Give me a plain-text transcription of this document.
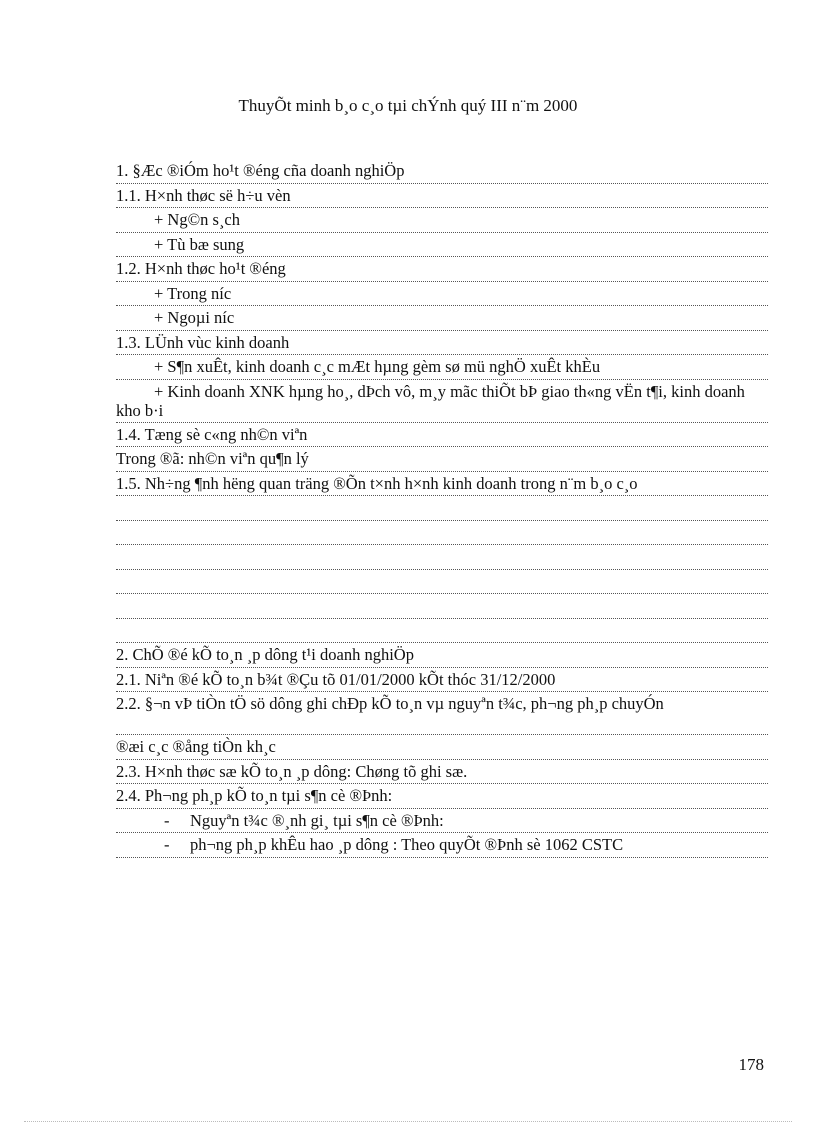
ThuyÕt minh b¸o c¸o tµi chÝnh quý III n¨m 2000
1. §Æc ®iÓm ho¹t ®éng cña doanh nghiÖp
1.1. H×nh thøc së h÷u vèn
+ Ng©n s¸ch
+ Tù bæ sung
1.2. H×nh thøc ho¹t ®éng
+ Trong níc
+ Ngoµi níc
1.3. LÜnh vùc kinh doanh
+ S¶n xuÊt, kinh doanh c¸c mÆt hµng gèm sø mü nghÖ xuÊt khÈu
+ Kinh doanh XNK hµng ho¸, dÞch vô, m¸y mãc thiÕt bÞ giao th«ng vËn t¶i, kinh doanh kho b·i
1.4. Tæng sè c«ng nh©n viªn
Trong ®ã: nh©n viªn qu¶n lý
1.5. Nh÷ng ¶nh hëng quan träng ®Õn t×nh h×nh kinh doanh trong n¨m b¸o c¸o
2. ChÕ ®é kÕ to¸n ¸p dông t¹i doanh nghiÖp
2.1. Niªn ®é kÕ to¸n b¾t ®Çu tõ 01/01/2000 kÕt thóc 31/12/2000
2.2. §¬n vÞ tiÒn tÖ sö dông ghi chÐp kÕ to¸n vµ nguyªn t¾c, ph¬ng ph¸p chuyÓn
®æi c¸c ®ång tiÒn kh¸c
2.3. H×nh thøc sæ kÕ to¸n ¸p dông: Chøng tõ ghi sæ.
2.4. Ph¬ng ph¸p kÕ to¸n tµi s¶n cè ®Þnh:
- Nguyªn t¾c ®¸nh gi¸ tµi s¶n cè ®Þnh:
- ph¬ng ph¸p khÊu hao ¸p dông : Theo quyÕt ®Þnh sè 1062 CSTC
178
